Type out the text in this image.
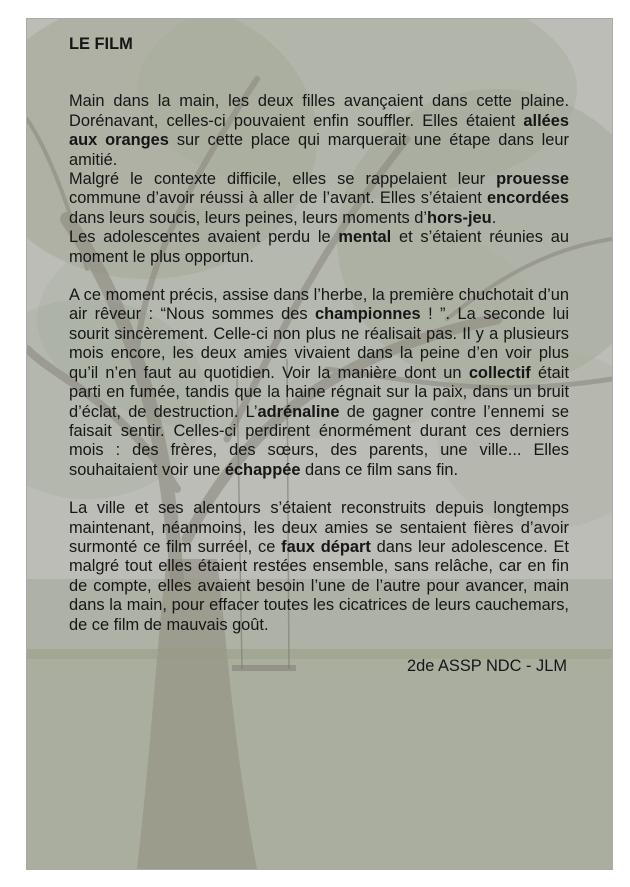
LE FILM

Main dans la main, les deux filles avançaient dans cette plaine. Dorénavant, celles-ci pouvaient enfin souffler. Elles étaient allées aux oranges sur cette place qui marquerait une étape dans leur amitié.

Malgré le contexte difficile, elles se rappelaient leur prouesse commune d’avoir réussi à aller de l’avant. Elles s’étaient encordées dans leurs soucis, leurs peines, leurs moments d’hors-jeu.

Les adolescentes avaient perdu le mental et s’étaient réunies au moment le plus opportun.

A ce moment précis, assise dans l’herbe, la première chuchotait d’un air rêveur : “Nous sommes des championnes ! ”. La seconde lui sourit sincèrement. Celle-ci non plus ne réalisait pas. Il y a plusieurs mois encore, les deux amies vivaient dans la peine d’en voir plus qu’il n’en faut au quotidien. Voir la manière dont un collectif était parti en fumée, tandis que la haine régnait sur la paix, dans un bruit d’éclat, de destruction. L’adrénaline de gagner contre l’ennemi se faisait sentir. Celles-ci perdirent énormément durant ces derniers mois : des frères, des sœurs, des parents, une ville... Elles souhaitaient voir une échappée dans ce film sans fin.

La ville et ses alentours s’étaient reconstruits depuis longtemps maintenant, néanmoins, les deux amies se sentaient fières d’avoir surmonté ce film surréel, ce faux départ dans leur adolescence. Et malgré tout elles étaient restées ensemble, sans relâche, car en fin de compte, elles avaient besoin l’une de l’autre pour avancer, main dans la main, pour effacer toutes les cicatrices de leurs cauchemars, de ce film de mauvais goût.

2de ASSP NDC - JLM
